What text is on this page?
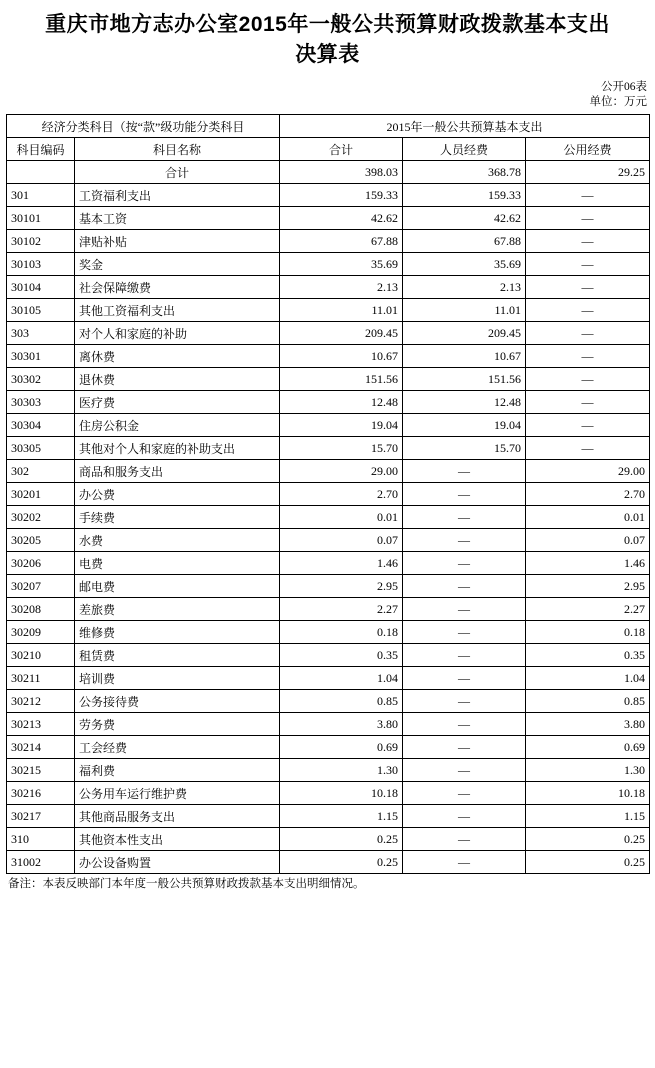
重庆市地方志办公室2015年一般公共预算财政拨款基本支出决算表
公开06表
单位：万元
经济分类科目（按“款”级功能分类科目		2015年一般公共预算基本支出		
科目编码	科目名称	合计	人员经费	公用经费
	合计	398.03	368.78	29.25
301	工资福利支出	159.33	159.33	—
30101	基本工资	42.62	42.62	—
30102	津贴补贴	67.88	67.88	—
30103	奖金	35.69	35.69	—
30104	社会保障缴费	2.13	2.13	—
30105	其他工资福利支出	11.01	11.01	—
303	对个人和家庭的补助	209.45	209.45	—
30301	离休费	10.67	10.67	—
30302	退休费	151.56	151.56	—
30303	医疗费	12.48	12.48	—
30304	住房公积金	19.04	19.04	—
30305	其他对个人和家庭的补助支出	15.70	15.70	—
302	商品和服务支出	29.00	—	29.00
30201	办公费	2.70	—	2.70
30202	手续费	0.01	—	0.01
30205	水费	0.07	—	0.07
30206	电费	1.46	—	1.46
30207	邮电费	2.95	—	2.95
30208	差旅费	2.27	—	2.27
30209	维修费	0.18	—	0.18
30210	租赁费	0.35	—	0.35
30211	培训费	1.04	—	1.04
30212	公务接待费	0.85	—	0.85
30213	劳务费	3.80	—	3.80
30214	工会经费	0.69	—	0.69
30215	福利费	1.30	—	1.30
30216	公务用车运行维护费	10.18	—	10.18
30217	其他商品服务支出	1.15	—	1.15
310	其他资本性支出	0.25	—	0.25
31002	办公设备购置	0.25	—	0.25
备注：本表反映部门本年度一般公共预算财政拨款基本支出明细情况。
